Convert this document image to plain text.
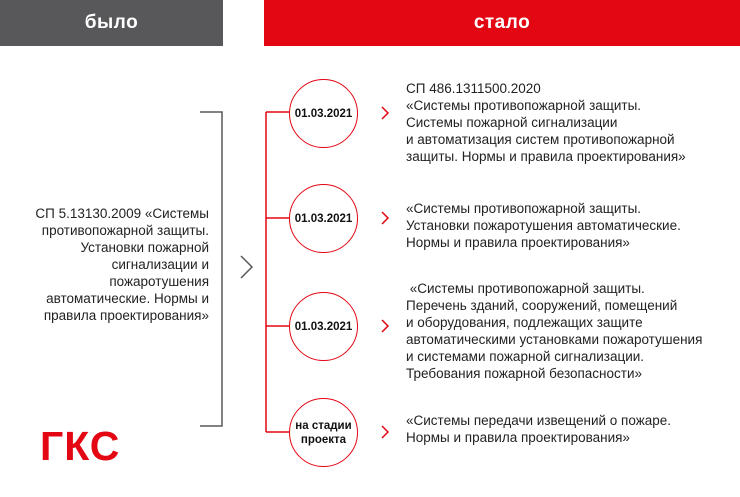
было	стало
СП 5.13130.2009 «Системы
противопожарной защиты.
Установки пожарной
сигнализации и
пожаротушения
автоматические. Нормы и
правила проектирования»
01.03.2021
01.03.2021
01.03.2021
на стадии
проекта
СП 486.1311500.2020
«Системы противопожарной защиты.
Системы пожарной сигнализации
и автоматизация систем противопожарной
защиты. Нормы и правила проектирования»
«Системы противопожарной защиты.
Установки пожаротушения автоматические.
Нормы и правила проектирования»
«Системы противопожарной защиты.
Перечень зданий, сооружений, помещений
и оборудования, подлежащих защите
автоматическими установками пожаротушения
и системами пожарной сигнализации.
Требования пожарной безопасности»
«Системы передачи извещений о пожаре.
Нормы и правила проектирования»
ГКС
